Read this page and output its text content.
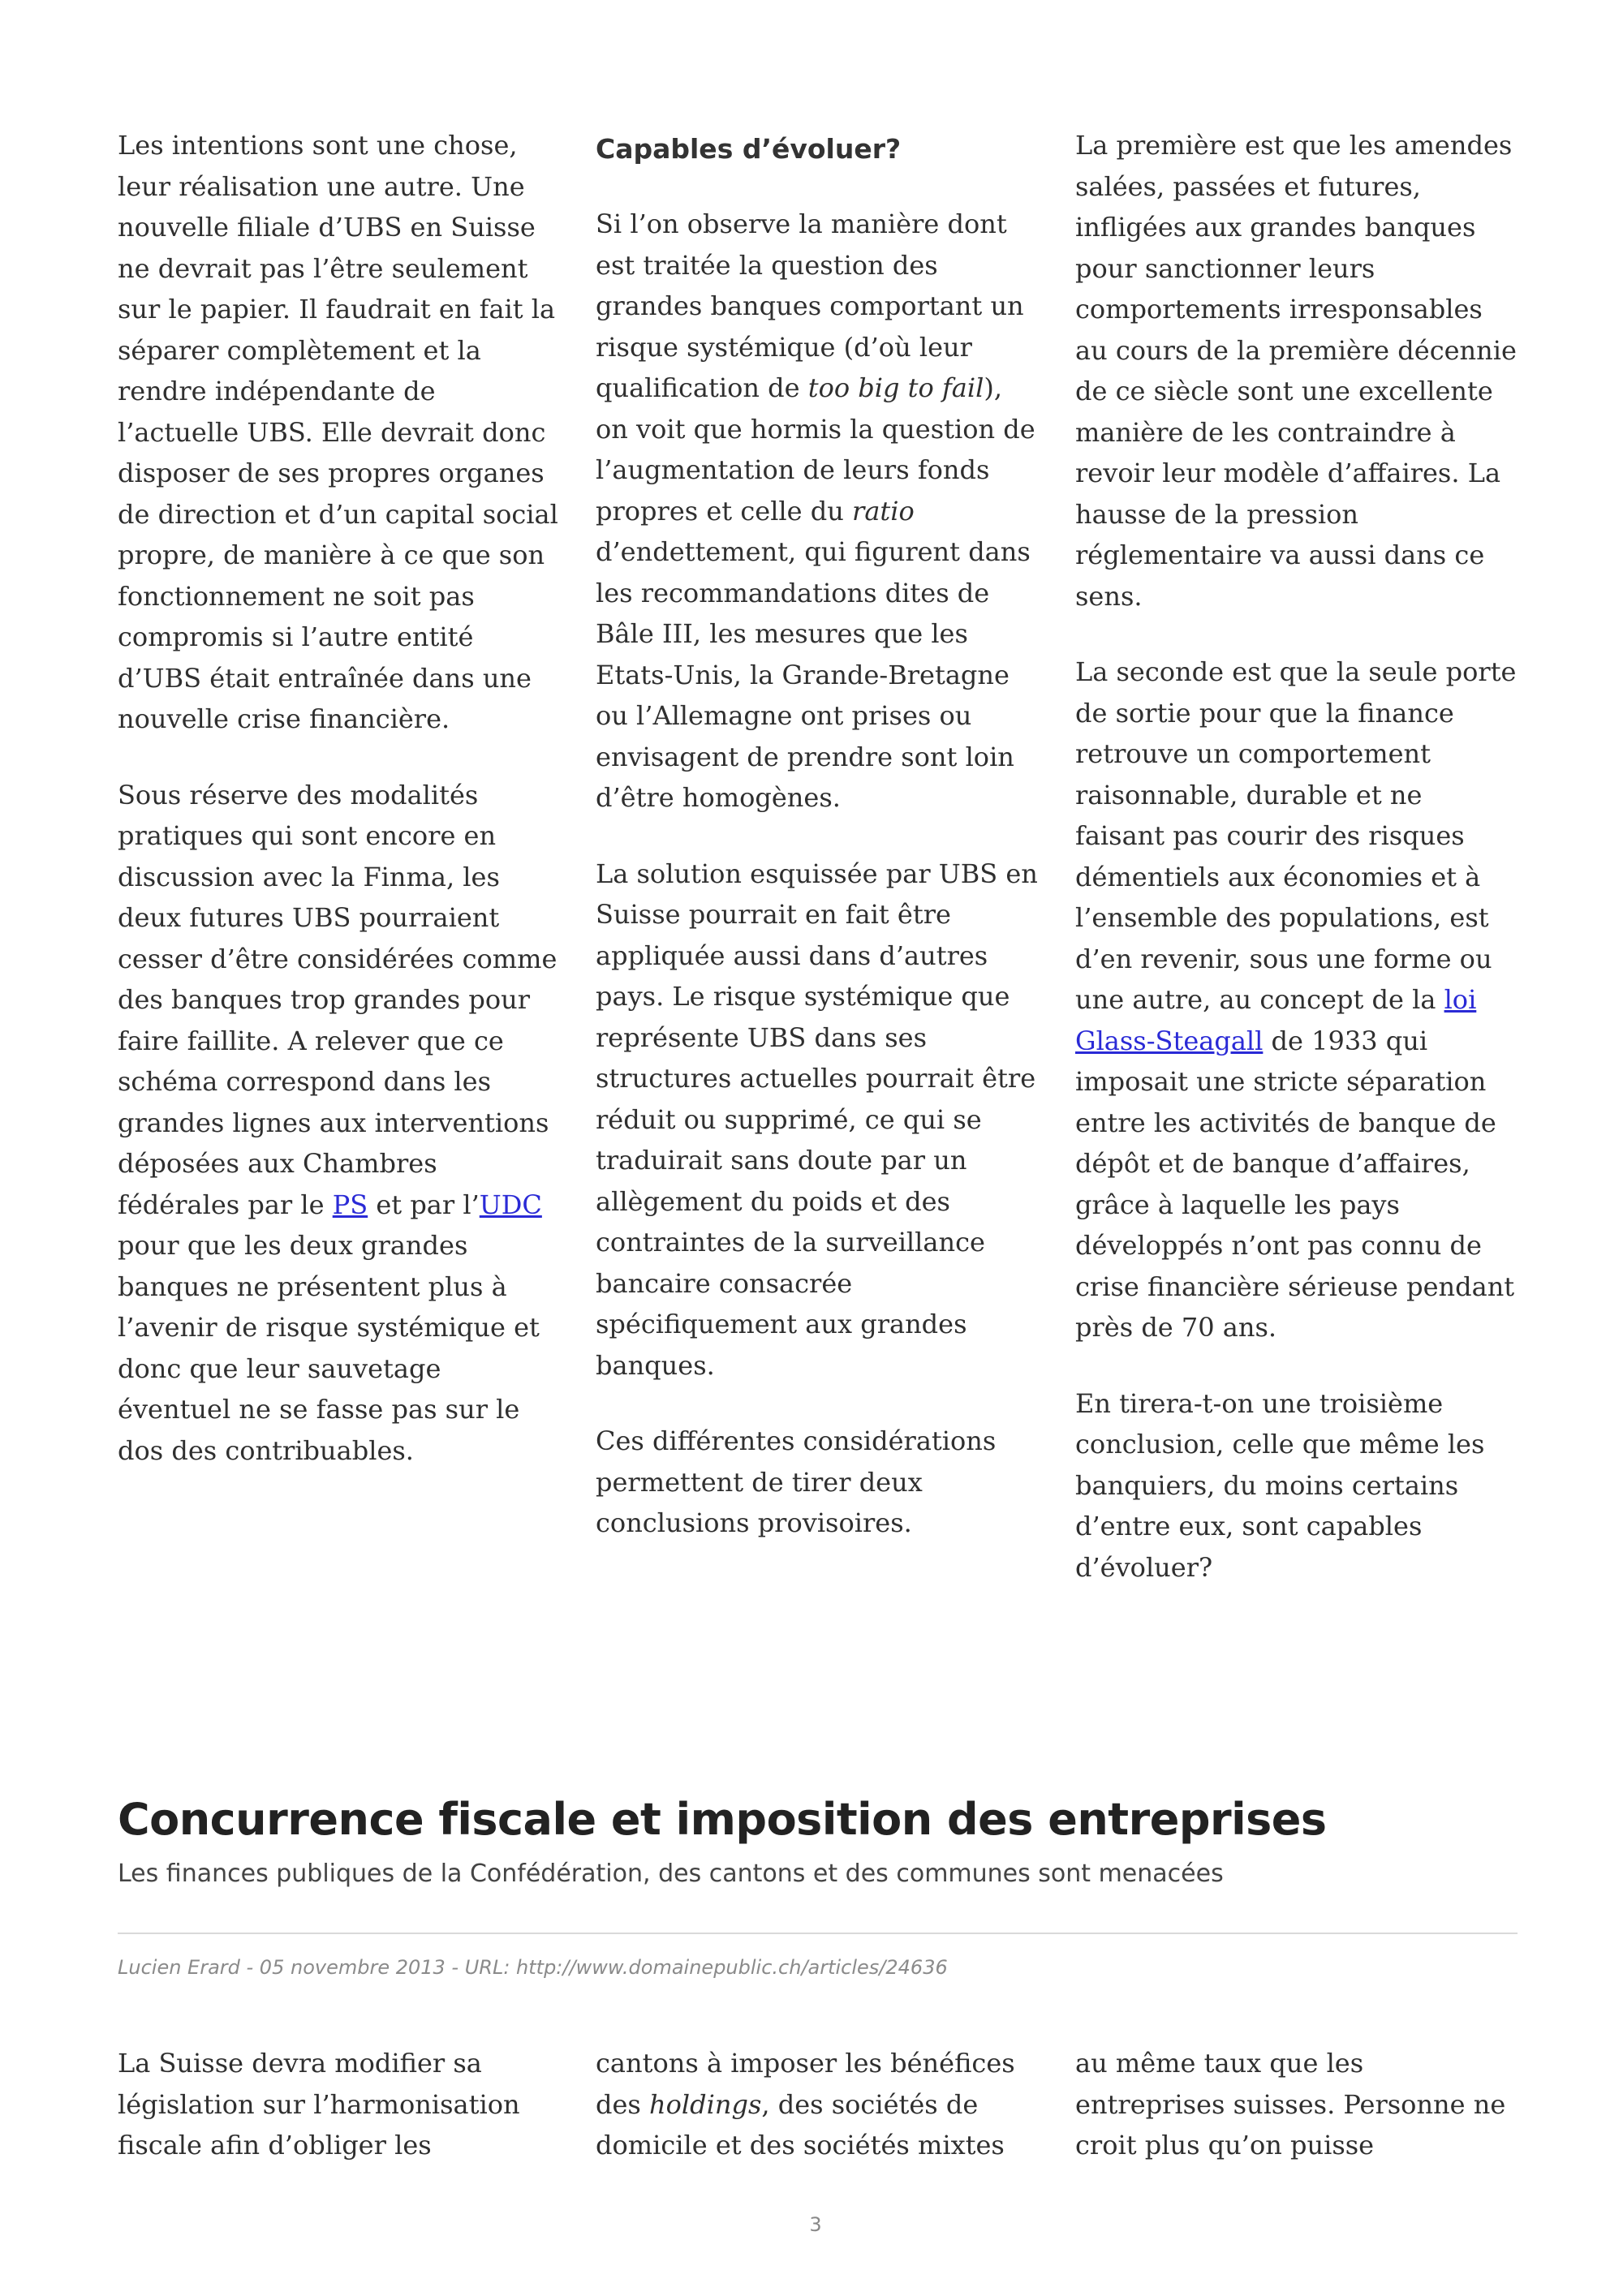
Les intentions sont une chose, leur réalisation une autre. Une nouvelle filiale d’UBS en Suisse ne devrait pas l’être seulement sur le papier. Il faudrait en fait la séparer complètement et la rendre indépendante de l’actuelle UBS. Elle devrait donc disposer de ses propres organes de direction et d’un capital social propre, de manière à ce que son fonctionnement ne soit pas compromis si l’autre entité d’UBS était entraînée dans une nouvelle crise financière.

Sous réserve des modalités pratiques qui sont encore en discussion avec la Finma, les deux futures UBS pourraient cesser d’être considérées comme des banques trop grandes pour faire faillite. A relever que ce schéma correspond dans les grandes lignes aux interventions déposées aux Chambres fédérales par le PS et par l’UDC pour que les deux grandes banques ne présentent plus à l’avenir de risque systémique et donc que leur sauvetage éventuel ne se fasse pas sur le dos des contribuables.

Capables d’évoluer?

Si l’on observe la manière dont est traitée la question des grandes banques comportant un risque systémique (d’où leur qualification de too big to fail), on voit que hormis la question de l’augmentation de leurs fonds propres et celle du ratio d’endettement, qui figurent dans les recommandations dites de Bâle III, les mesures que les Etats-Unis, la Grande-Bretagne ou l’Allemagne ont prises ou envisagent de prendre sont loin d’être homogènes.

La solution esquissée par UBS en Suisse pourrait en fait être appliquée aussi dans d’autres pays. Le risque systémique que représente UBS dans ses structures actuelles pourrait être réduit ou supprimé, ce qui se traduirait sans doute par un allègement du poids et des contraintes de la surveillance bancaire consacrée spécifiquement aux grandes banques.

Ces différentes considérations permettent de tirer deux conclusions provisoires.

La première est que les amendes salées, passées et futures, infligées aux grandes banques pour sanctionner leurs comportements irresponsables au cours de la première décennie de ce siècle sont une excellente manière de les contraindre à revoir leur modèle d’affaires. La hausse de la pression réglementaire va aussi dans ce sens.

La seconde est que la seule porte de sortie pour que la finance retrouve un comportement raisonnable, durable et ne faisant pas courir des risques démentiels aux économies et à l’ensemble des populations, est d’en revenir, sous une forme ou une autre, au concept de la loi Glass-Steagall de 1933 qui imposait une stricte séparation entre les activités de banque de dépôt et de banque d’affaires, grâce à laquelle les pays développés n’ont pas connu de crise financière sérieuse pendant près de 70 ans.

En tirera-t-on une troisième conclusion, celle que même les banquiers, du moins certains d’entre eux, sont capables d’évoluer?

Concurrence fiscale et imposition des entreprises

Les finances publiques de la Confédération, des cantons et des communes sont menacées

Lucien Erard - 05 novembre 2013 - URL: http://www.domainepublic.ch/articles/24636

La Suisse devra modifier sa législation sur l’harmonisation fiscale afin d’obliger les

cantons à imposer les bénéfices des holdings, des sociétés de domicile et des sociétés mixtes

au même taux que les entreprises suisses. Personne ne croit plus qu’on puisse

3
